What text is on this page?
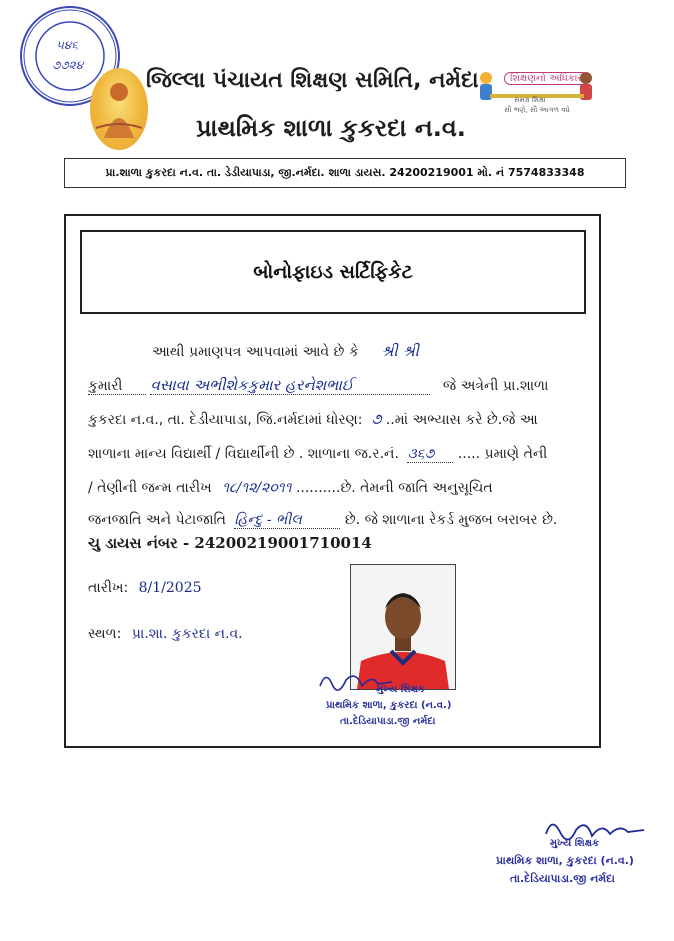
૫૪૬
૭૭૨૪
જિલ્લા પંચાયત શિક્ષણ સમિતિ, નર્મદા
પ્રાથમિક શાળા કુકરદા ન.વ.
શિક્ષણનો અધિકાર
સમગ્ર શિક્ષા
સૌ ભણે, સૌ આગળ વધે
પ્રા.શાળા કુકરદા ન.વ. તા. ડેડીયાપાડા, જી.નર્મદા. શાળા ડાયસ. 24200219001 મો. નં 7574833348
બોનોફાઇડ સર્ટિફિકેટ
આથી પ્રમાણપત્ર આપવામાં આવે છે કે શ્રી શ્રી
કુમારી વસાવા અભીશેકકુમાર હરનેશભાઈ	જે અત્રેની પ્રા.શાળા
કુકરદા ન.વ., તા. દેડીયાપાડા, જિ.નર્મદામાં ધોરણ: ૭ ..માં અભ્યાસ કરે છે.જે આ
શાળાના માન્ય વિદ્યાર્થી / વિદ્યાર્થીની છે . શાળાના જ.ર.નં. ૩૬૭ ..... પ્રમાણે તેની
/ તેણીની જન્મ તારીખ ૧૮/૧૨/૨૦૧૧ ..........છે. તેમની જાતિ અનુસૂચિત
જનજાતિ અને પેટાજાતિ હિન્દુ - ભીલ	છે. જે શાળાના રેકર્ડ મુજબ બરાબર છે.
ચુ ડાયસ નંબર - 24200219001710014
તારીખ: 8/1/2025
સ્થળ: પ્રા.શા. કુકરદા ન.વ.
મુખ્ય શિક્ષક
પ્રાથમિક શાળા, કુકરદા (ન.વ.)
તા.દેડિયાપાડા.જી નર્મદા
મુખ્ય શિક્ષક
પ્રાથમિક શાળા, કુકરદા (ન.વ.)
તા.દેડિયાપાડા.જી નર્મદા
